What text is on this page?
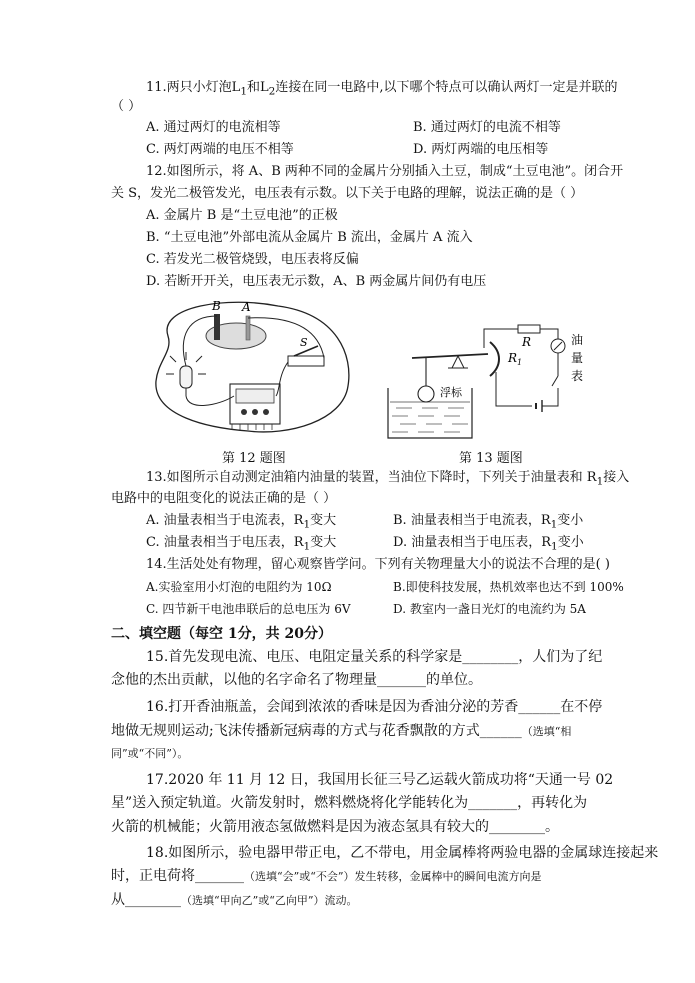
11.两只小灯泡$L_1$和$L_2$连接在同一电路中,以下哪个特点可以确认两灯一定是并联的
（ ）
A. 通过两灯的电流相等	B. 通过两灯的电流不相等
C. 两灯两端的电压不相等	D. 两灯两端的电压相等
12.如图所示，将 A、B 两种不同的金属片分别插入土豆，制成“土豆电池”。闭合开
关 S，发光二极管发光，电压表有示数。以下关于电路的理解，说法正确的是（ ）
A. 金属片 B 是“土豆电池”的正极
B. “土豆电池”外部电流从金属片 B 流出，金属片 A 流入
C. 若发光二极管烧毁，电压表将反偏
D. 若断开开关，电压表无示数，A、B 两金属片间仍有电压
B A
S
第 12 题图
浮标
$R_1$
R	油
量
表
第 13 题图
13.如图所示自动测定油箱内油量的装置，当油位下降时，下列关于油量表和 $R_1$接入
电路中的电阻变化的说法正确的是（ ）
A. 油量表相当于电流表，$R_1$变大	B. 油量表相当于电流表，$R_1$变小
C. 油量表相当于电压表，$R_1$变大	D. 油量表相当于电压表，$R_1$变小
14.生活处处有物理，留心观察皆学问。下列有关物理量大小的说法不合理的是( )
A.实验室用小灯泡的电阻约为 10Ω	B.即使科技发展，热机效率也达不到 100%
C. 四节新干电池串联后的总电压为 6V	D. 教室内一盏日光灯的电流约为 5A
二、填空题（每空 1分，共 20分）
15.首先发现电流、电压、电阻定量关系的科学家是________，人们为了纪
念他的杰出贡献，以他的名字命名了物理量_______的单位。
16.打开香油瓶盖，会闻到浓浓的香味是因为香油分泌的芳香______在不停
地做无规则运动;飞沫传播新冠病毒的方式与花香飘散的方式______（选填“相
同”或“不同”）。
17.2020 年 11 月 12 日，我国用长征三号乙运载火箭成功将“天通一号 02
星”送入预定轨道。火箭发射时，燃料燃烧将化学能转化为_______，再转化为
火箭的机械能；火箭用液态氢做燃料是因为液态氢具有较大的________。
18.如图所示，验电器甲带正电，乙不带电，用金属棒将两验电器的金属球连接起来
时，正电荷将_______（选填“会”或“不会”）发生转移，金属棒中的瞬间电流方向是
从________（选填“甲向乙”或“乙向甲”）流动。
